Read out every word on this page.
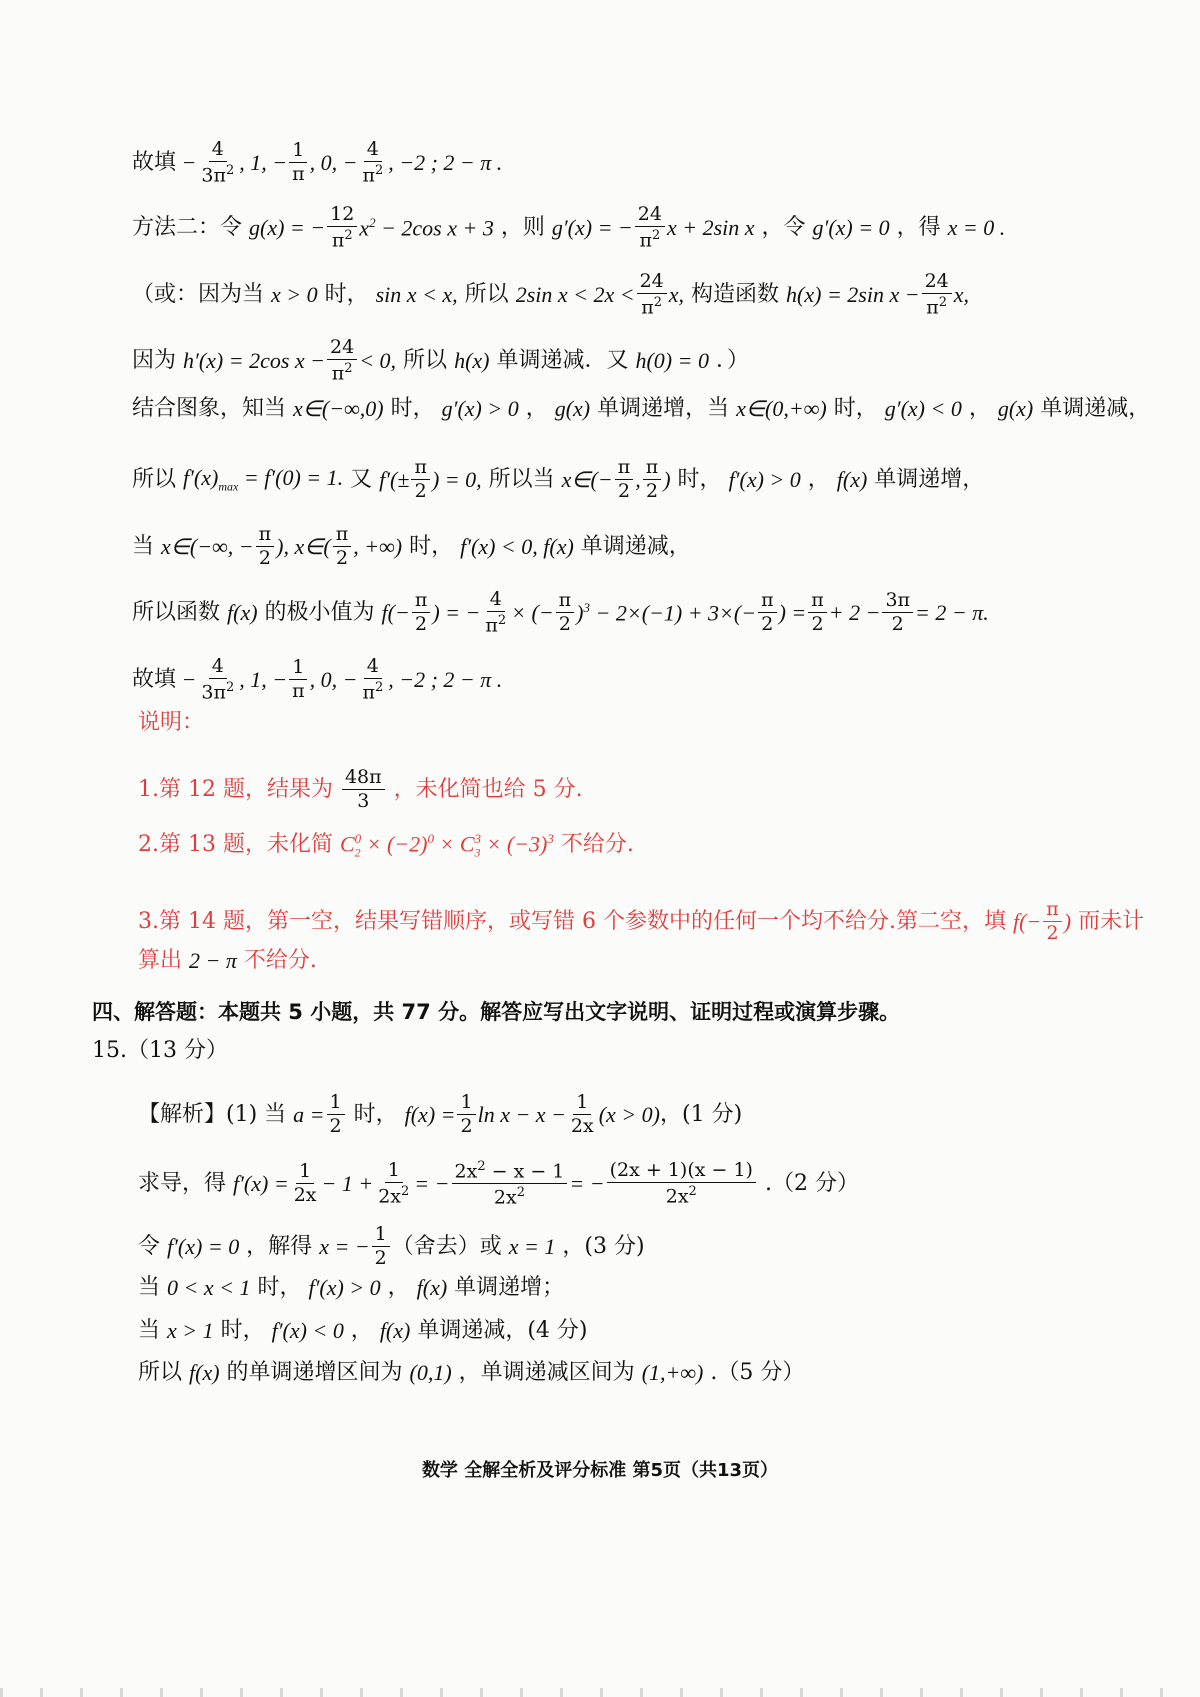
故填 − $\frac{4}{3\pi^2}$ , 1, − $\frac{1}{\pi}$ , 0, − $\frac{4}{\pi^2}$ , −2 ; 2 − π .
方法二：令 g(x) = − $\frac{12}{\pi^2} x^2 - 2\cos$ x + 3 ，则 g′(x) = − $\frac{24}{\pi^2}$ x + 2sin x ，令 g′(x) = 0 ，得 x = 0 .
（或：因为当 x > 0 时， sin x < x, 所以 2sin $x < 2x < \frac{24}{\pi^2} x$, 构造函数 h(x) = 2sin $x - \frac{24}{\pi^2} x$,
因为 h′(x) = 2cos $x - \frac{24}{\pi^2} < 0$, 所以 h(x) 单调递减．又 h(0) = 0 ．）
结合图象，知当 x∈(−∞,0) 时， g′(x) > 0 ， g(x) 单调递增，当 x∈(0,+∞) 时， g′(x) < 0 ， g(x) 单调递减，
所以 $f'(x)_{max} = f'(0) = 1$. 又 $f'(\pm \frac{\pi}{2}$ ) = 0, 所以当 x∈(− $\frac{\pi}{2}$ , $\frac{\pi}{2}$ ) 时， f′(x) > 0 ， f(x) 单调递增，
当 x∈(−∞, − $\frac{\pi}{2}$ ), x∈( $\frac{\pi}{2}$ , +∞) 时， f′(x) < 0, f(x) 单调递减，
所以函数 f(x) 的极小值为 $f(- \frac{\pi}{2}$ ) = − $\frac{4}{\pi^2}$ × (− $\frac{\pi}{2} )^3 - 2\times(-1) + 3\times(- \frac{\pi}{2}$ ) = $\frac{\pi}{2} + 2 - \frac{3\pi}{2} = 2 - \pi$.
故填 − $\frac{4}{3\pi^2}$ , 1, − $\frac{1}{\pi}$ , 0, − $\frac{4}{\pi^2}$ , −2 ; 2 − π .
说明：
1.第 12 题，结果为 $\frac{48\pi}{3}$ ，未化简也给 5 分.
2.第 13 题，未化简 $C_2^0 \times (-2)^0 \times C_3^3 \times (-3)^3$ 不给分.
3.第 14 题，第一空，结果写错顺序，或写错 6 个参数中的任何一个均不给分.第二空，填 $f(- \frac{\pi}{2}$ ) 而未计
算出 2 − π 不给分.
四、解答题：本题共 5 小题，共 77 分。解答应写出文字说明、证明过程或演算步骤。
15.（13 分）
【解析】(1) 当 $a = \frac{1}{2}$ 时， $f(x) = \frac{1}{2}$ $\ln x - x - \frac{1}{2x} (x > 0)$ ，(1 分)
求导，得 $f'(x) = \frac{1}{2x} - 1 + \frac{1}{2x^2}$ = − $\frac{2x^2 - x - 1}{2x^2}$ = − $\frac{(2x + 1)(x - 1)}{2x^2} .(2$ 分）
令 f′(x) = 0 ，解得 x = − $\frac{1}{2}$ （舍去）或 x = 1 ，(3 分)
当 0 < x < 1 时， f′(x) > 0 ， f(x) 单调递增；
当 x > 1 时， f′(x) < 0 ， f(x) 单调递减，(4 分)
所以 f(x) 的单调递增区间为 (0,1) ，单调递减区间为 (1,+∞) .（5 分）
数学 全解全析及评分标准 第5页（共13页）
